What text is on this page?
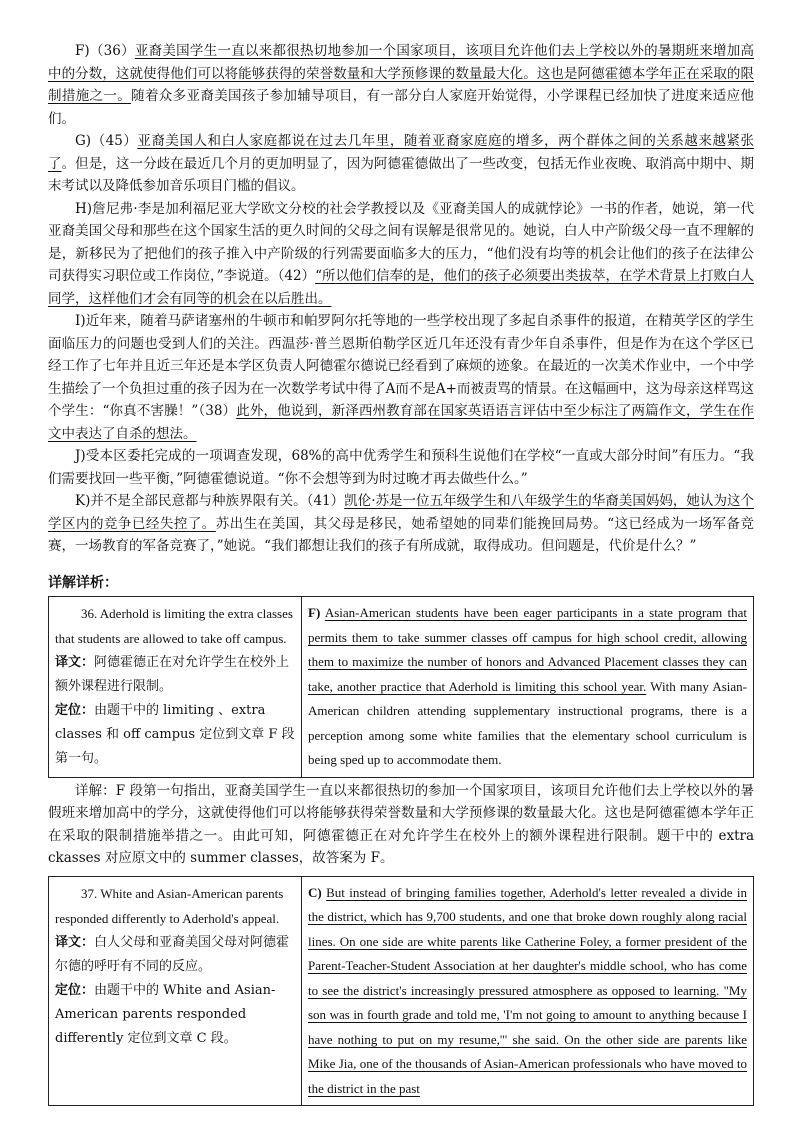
F)（36）亚裔美国学生一直以来都很热切地参加一个国家项目，该项目允许他们去上学校以外的暑期班来增加高中的分数，这就使得他们可以将能够获得的荣誉数量和大学预修课的数量最大化。这也是阿德霍德本学年正在采取的限制措施之一。随着众多亚裔美国孩子参加辅导项目，有一部分白人家庭开始觉得，小学课程已经加快了进度来适应他们。

G)（45）亚裔美国人和白人家庭都说在过去几年里，随着亚裔家庭庭的增多，两个群体之间的关系越来越紧张了。但是，这一分歧在最近几个月的更加明显了，因为阿德霍德做出了一些改变，包括无作业夜晚、取消高中期中、期末考试以及降低参加音乐项目门槛的倡议。

H)詹尼弗·李是加利福尼亚大学欧文分校的社会学教授以及《亚裔美国人的成就悖论》一书的作者，她说，第一代亚裔美国父母和那些在这个国家生活的更久时间的父母之间有误解是很常见的。她说，白人中产阶级父母一直不理解的是，新移民为了把他们的孩子推入中产阶级的行列需要面临多大的压力，“他们没有均等的机会让他们的孩子在法律公司获得实习职位或工作岗位，”李说道。（42）“所以他们信奉的是，他们的孩子必须要出类拔萃，在学术背景上打败白人同学，这样他们才会有同等的机会在以后胜出。

I)近年来，随着马萨诸塞州的牛顿市和帕罗阿尔托等地的一些学校出现了多起自杀事件的报道，在精英学区的学生面临压力的问题也受到人们的关注。西温莎·普兰恩斯伯勒学区近几年还没有青少年自杀事件，但是作为在这个学区已经工作了七年并且近三年还是本学区负责人阿德霍尔德说已经看到了麻烦的迹象。在最近的一次美术作业中，一个中学生描绘了一个负担过重的孩子因为在一次数学考试中得了A而不是A+而被责骂的情景。在这幅画中，这为母亲这样骂这个学生：“你真不害臊！”（38）此外，他说到，新泽西州教育部在国家英语语言评估中至少标注了两篇作文，学生在作文中表达了自杀的想法。

J)受本区委托完成的一项调查发现，68%的高中优秀学生和预科生说他们在学校“一直或大部分时间”有压力。“我们需要找回一些平衡，”阿德霍德说道。“你不会想等到为时过晚才再去做些什么。”

K)并不是全部民意都与种族界限有关。（41）凯伦·苏是一位五年级学生和八年级学生的华裔美国妈妈，她认为这个学区内的竞争已经失控了。苏出生在美国，其父母是移民，她希望她的同辈们能挽回局势。“这已经成为一场军备竞赛，一场教育的军备竞赛了，”她说。“我们都想让我们的孩子有所成就，取得成功。但问题是，代价是什么？”

详解详析：

36. Aderhold is limiting the extra classes that students are allowed to take off campus.

译文：阿德霍德正在对允许学生在校外上额外课程进行限制。

定位：由题干中的 limiting 、extra classes 和 off campus 定位到文章 F 段第一句。

	F) Asian-American students have been eager participants in a state program that permits them to take summer classes off campus for high school credit, allowing them to maximize the number of honors and Advanced Placement classes they can take, another practice that Aderhold is limiting this school year. With many Asian-American children attending supplementary instructional programs, there is a perception among some white families that the elementary school curriculum is being sped up to accommodate them.

详解：F 段第一句指出，亚裔美国学生一直以来都很热切的参加一个国家项目，该项目允许他们去上学校以外的暑假班来增加高中的学分，这就使得他们可以将能够获得荣誉数量和大学预修课的数量最大化。这也是阿德霍德本学年正在采取的限制措施举措之一。由此可知，阿德霍德正在对允许学生在校外上的额外课程进行限制。题干中的 extra ckasses 对应原文中的 summer classes，故答案为 F。

37. White and Asian-American parents responded differently to Aderhold's appeal.

译文：白人父母和亚裔美国父母对阿德霍尔德的呼吁有不同的反应。

定位：由题干中的 White and Asian-American parents responded differently 定位到文章 C 段。

	C) But instead of bringing families together, Aderhold's letter revealed a divide in the district, which has 9,700 students, and one that broke down roughly along racial lines. On one side are white parents like Catherine Foley, a former president of the Parent-Teacher-Student Association at her daughter's middle school, who has come to see the district's increasingly pressured atmosphere as opposed to learning. "My son was in fourth grade and told me, 'I'm not going to amount to anything because I have nothing to put on my resume,'" she said. On the other side are parents like Mike Jia, one of the thousands of Asian-American professionals who have moved to the district in the past
